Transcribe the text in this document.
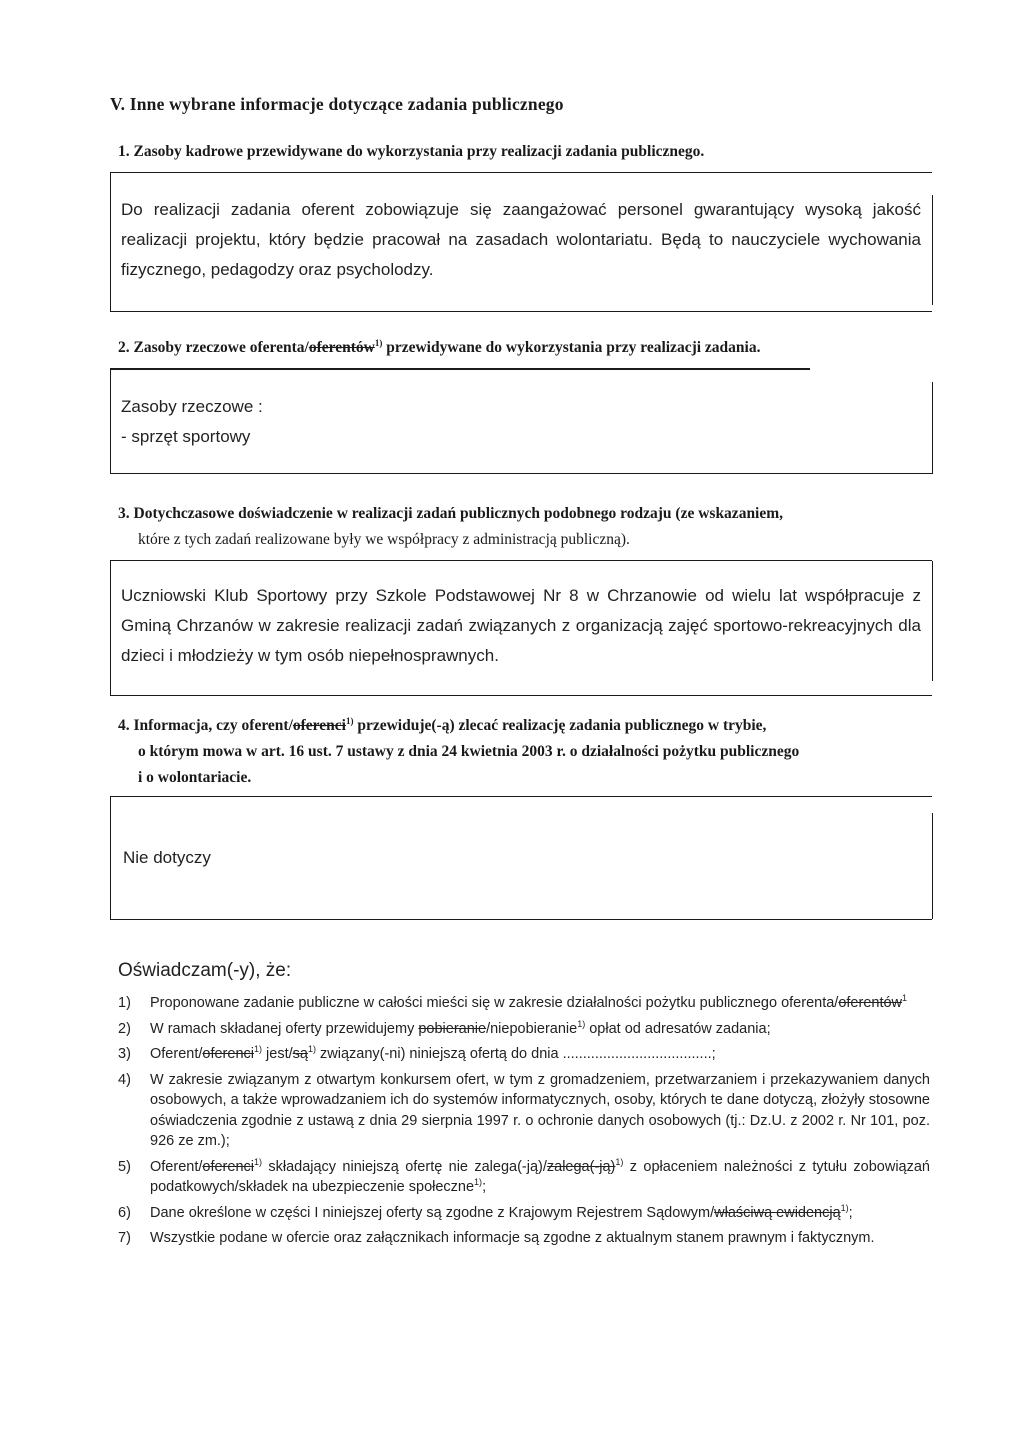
V. Inne wybrane informacje dotyczące zadania publicznego
1. Zasoby kadrowe przewidywane do wykorzystania przy realizacji zadania publicznego.
Do realizacji zadania oferent zobowiązuje się zaangażować personel gwarantujący wysoką jakość realizacji projektu, który będzie pracował na zasadach wolontariatu. Będą to nauczyciele wychowania fizycznego, pedagodzy oraz psycholodzy.
2. Zasoby rzeczowe oferenta/oferentów$^{1)}$ przewidywane do wykorzystania przy realizacji zadania.
Zasoby rzeczowe :
- sprzęt sportowy
3. Dotychczasowe doświadczenie w realizacji zadań publicznych podobnego rodzaju (ze wskazaniem,
które z tych zadań realizowane były we współpracy z administracją publiczną).
Uczniowski Klub Sportowy przy Szkole Podstawowej Nr 8 w Chrzanowie od wielu lat współpracuje z Gminą Chrzanów w zakresie realizacji zadań związanych z organizacją zajęć sportowo-rekreacyjnych dla dzieci i młodzieży w tym osób niepełnosprawnych.
4. Informacja, czy oferent/oferenci$^{1)}$ przewiduje(-ą) zlecać realizację zadania publicznego w trybie,
o którym mowa w art. 16 ust. 7 ustawy z dnia 24 kwietnia 2003 r. o działalności pożytku publicznego
i o wolontariacie.
Nie dotyczy
Oświadczam(-y), że:
1)	Proponowane zadanie publiczne w całości mieści się w zakresie działalności pożytku publicznego oferenta/oferentów$^1$
2)	W ramach składanej oferty przewidujemy pobieranie/niepobieranie$^{1)}$ opłat od adresatów zadania;
3)	Oferent/oferenci$^{1)}$ jest/$są^{1)}$ związany(-ni) niniejszą ofertą do dnia .....................................;
4)	W zakresie związanym z otwartym konkursem ofert, w tym z gromadzeniem, przetwarzaniem i przekazywaniem danych osobowych, a także wprowadzaniem ich do systemów informatycznych, osoby, których te dane dotyczą, złożyły stosowne oświadczenia zgodnie z ustawą z dnia 29 sierpnia 1997 r. o ochronie danych osobowych (tj.: Dz.U. z 2002 r. Nr 101, poz. 926 ze zm.);
5)	Oferent/oferenci$^{1)}$ składający niniejszą ofertę nie zalega(-ją)/zalega(-ją)$^{1)}$ z opłaceniem należności z tytułu zobowiązań podatkowych/składek na ubezpieczenie społeczne$^{1)}$;
6)	Dane określone w części I niniejszej oferty są zgodne z Krajowym Rejestrem Sądowym/właściwą ewidencją$^{1)}$;
7)	Wszystkie podane w ofercie oraz załącznikach informacje są zgodne z aktualnym stanem prawnym i faktycznym.
